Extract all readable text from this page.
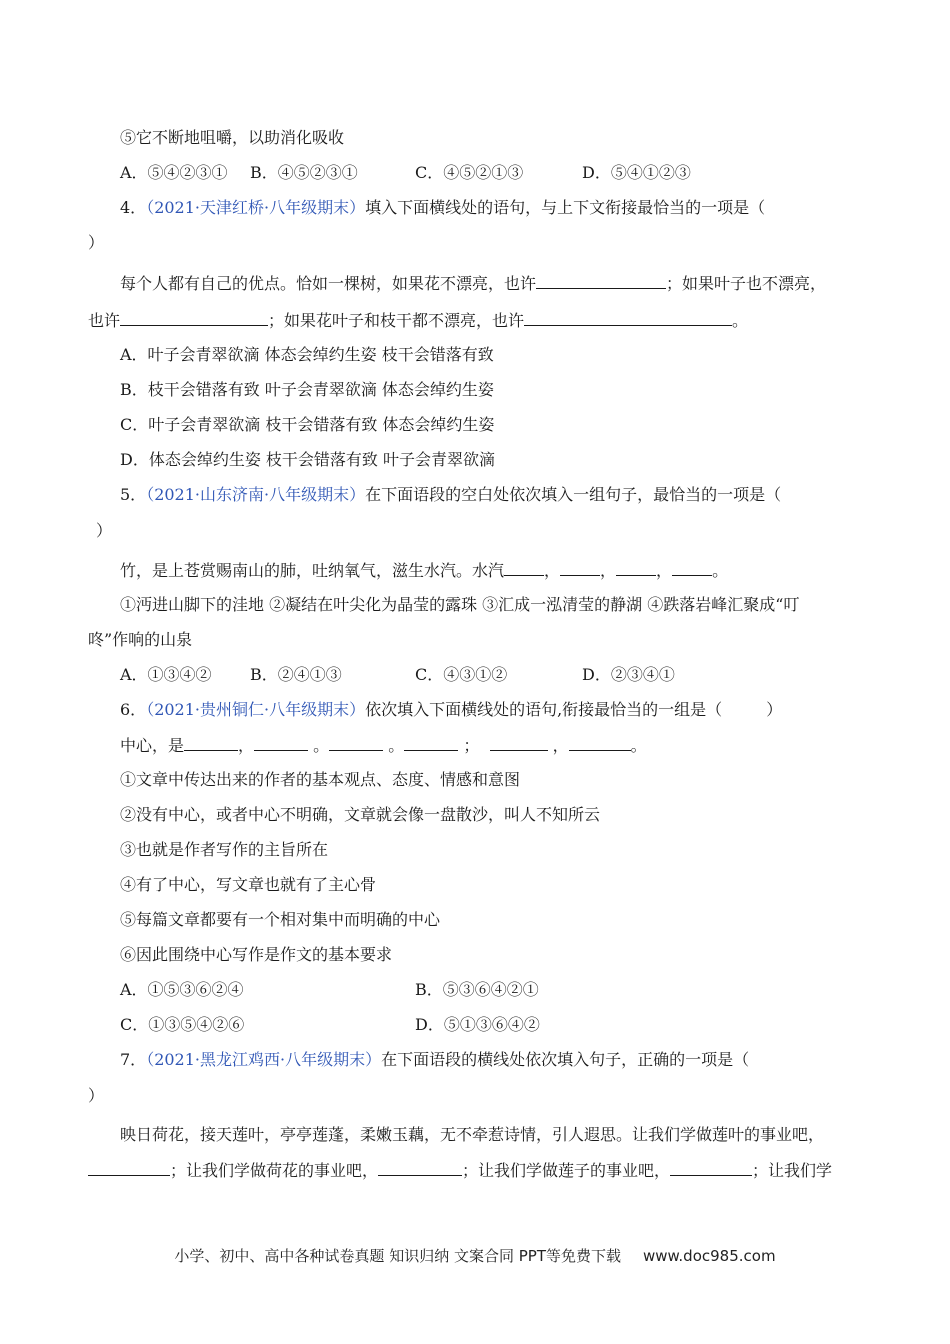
⑤它不断地咀嚼，以助消化吸收
A．⑤④②③① B．④⑤②③①	C．④⑤②①③	D．⑤④①②③
4．（2021·天津红桥·八年级期末）填入下面横线处的语句，与上下文衔接最恰当的一项是（
）
每个人都有自己的优点。恰如一棵树，如果花不漂亮，也许	；如果叶子也不漂亮，
也许	；如果花叶子和枝干都不漂亮，也许	。
A．叶子会青翠欲滴 体态会绰约生姿 枝干会错落有致
B．枝干会错落有致 叶子会青翠欲滴 体态会绰约生姿
C．叶子会青翠欲滴 枝干会错落有致 体态会绰约生姿
D．体态会绰约生姿 枝干会错落有致 叶子会青翠欲滴
5．（2021·山东济南·八年级期末）在下面语段的空白处依次填入一组句子，最恰当的一项是（
）
竹，是上苍赏赐南山的肺，吐纳氧气，滋生水汽。水汽	，	，	，	。
①沔进山脚下的洼地 ②凝结在叶尖化为晶莹的露珠 ③汇成一泓清莹的静湖 ④跌落岩峰汇聚成“叮
咚”作响的山泉
A．①③④② B．②④①③	C．④③①②	D．②③④①
6．（2021·贵州铜仁·八年级期末）依次填入下面横线处的语句,衔接最恰当的一组是（	）
中心，是	，	。	。	；	，	。
①文章中传达出来的作者的基本观点、态度、情感和意图
②没有中心，或者中心不明确，文章就会像一盘散沙，叫人不知所云
③也就是作者写作的主旨所在
④有了中心，写文章也就有了主心骨
⑤每篇文章都要有一个相对集中而明确的中心
⑥因此围绕中心写作是作文的基本要求
A．①⑤③⑥②④	B．⑤③⑥④②①
C．①③⑤④②⑥	D．⑤①③⑥④②
7．（2021·黑龙江鸡西·八年级期末）在下面语段的横线处依次填入句子，正确的一项是（
）
映日荷花，接天莲叶，亭亭莲蓬，柔嫩玉藕，无不牵惹诗情，引人遐思。让我们学做莲叶的事业吧，
；让我们学做荷花的事业吧，	；让我们学做莲子的事业吧，	；让我们学
小学、初中、高中各种试卷真题 知识归纳 文案合同 PPT等免费下载 www.doc985.com
